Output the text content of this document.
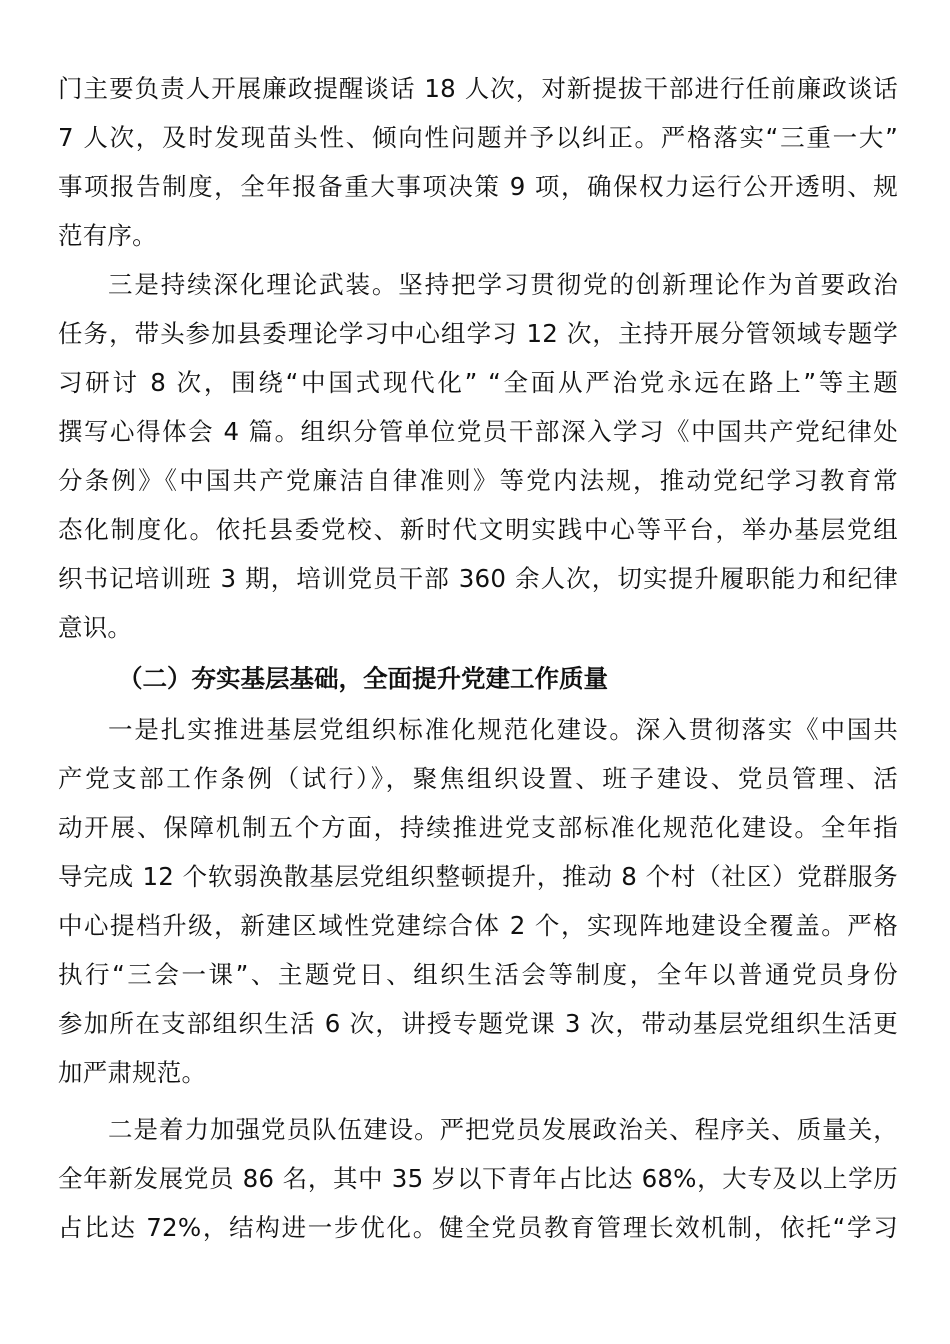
门主要负责人开展廉政提醒谈话 18 人次，对新提拔干部进行任前廉政谈话
7 人次，及时发现苗头性、倾向性问题并予以纠正。严格落实“三重一大”
事项报告制度，全年报备重大事项决策 9 项，确保权力运行公开透明、规
范有序。
三是持续深化理论武装。坚持把学习贯彻党的创新理论作为首要政治
任务，带头参加县委理论学习中心组学习 12 次，主持开展分管领域专题学
习研讨 8 次，围绕“中国式现代化” “全面从严治党永远在路上”等主题
撰写心得体会 4 篇。组织分管单位党员干部深入学习《中国共产党纪律处
分条例》《中国共产党廉洁自律准则》等党内法规，推动党纪学习教育常
态化制度化。依托县委党校、新时代文明实践中心等平台，举办基层党组
织书记培训班 3 期，培训党员干部 360 余人次，切实提升履职能力和纪律
意识。
（二）夯实基层基础，全面提升党建工作质量
一是扎实推进基层党组织标准化规范化建设。深入贯彻落实《中国共
产党支部工作条例（试行）》，聚焦组织设置、班子建设、党员管理、活
动开展、保障机制五个方面，持续推进党支部标准化规范化建设。全年指
导完成 12 个软弱涣散基层党组织整顿提升，推动 8 个村（社区）党群服务
中心提档升级，新建区域性党建综合体 2 个，实现阵地建设全覆盖。严格
执行“三会一课”、主题党日、组织生活会等制度，全年以普通党员身份
参加所在支部组织生活 6 次，讲授专题党课 3 次，带动基层党组织生活更
加严肃规范。
二是着力加强党员队伍建设。严把党员发展政治关、程序关、质量关，
全年新发展党员 86 名，其中 35 岁以下青年占比达 68%，大专及以上学历
占比达 72%，结构进一步优化。健全党员教育管理长效机制，依托“学习
